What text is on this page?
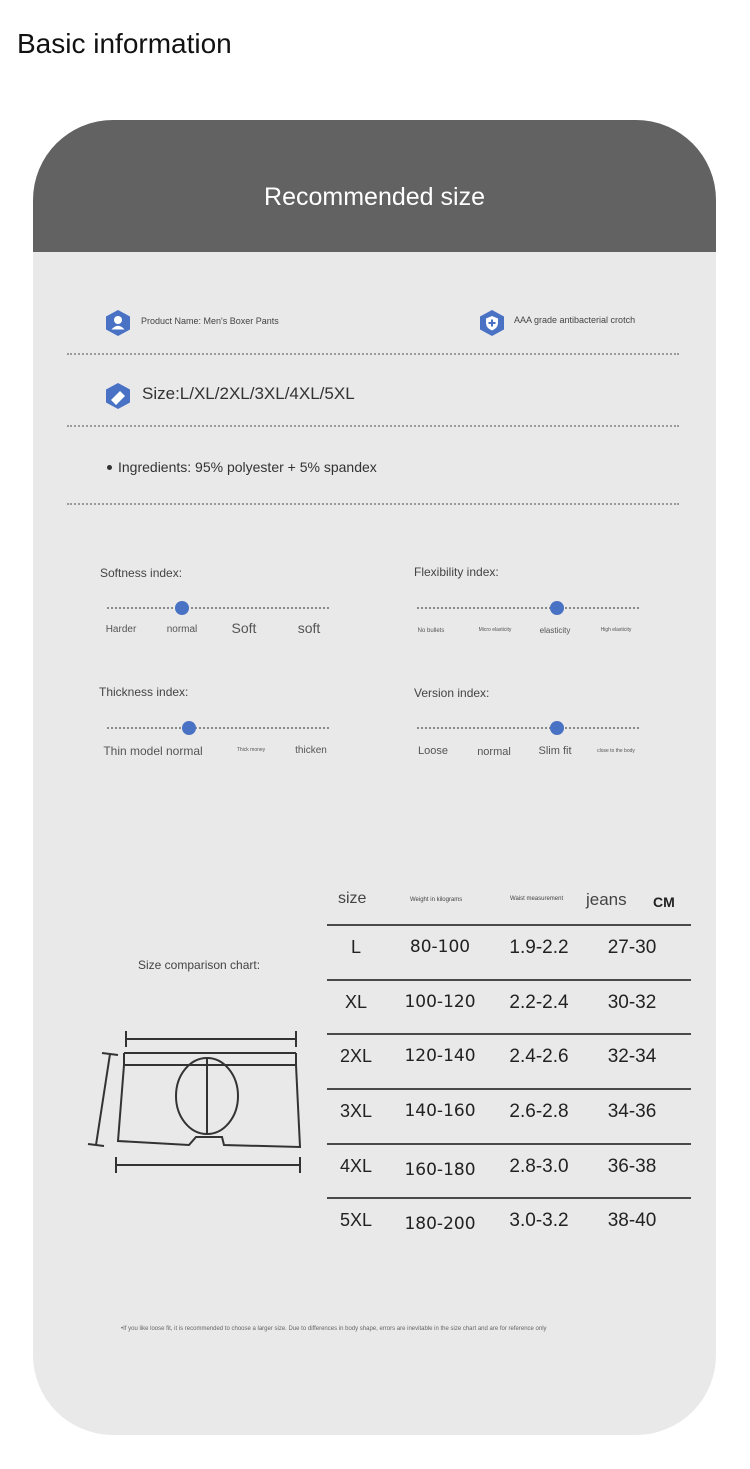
Basic information
Recommended size
Product Name: Men's Boxer Pants	AAA grade antibacterial crotch
Size:L/XL/2XL/3XL/4XL/5XL
Ingredients: 95% polyester + 5% spandex
Softness index:
Harder	normal Soft	soft
Flexibility index:
No bullets	Micro elasticity	elasticity	High elasticity
Thickness index:
Thin model normal	Thick money	thicken
Version index:
Loose	normal	Slim fit	close to the body
Size comparison chart:
size	Weight in kilograms	Waist measurement jeans CM
L	80-100 1.9-2.2 27-30
XL 100-120 2.2-2.4 30-32
2XL 120-140 2.4-2.6 32-34
3XL 140-160 2.6-2.8 34-36
4XL 160-180 2.8-3.0 36-38
5XL 180-200 3.0-3.2 38-40
•If you like loose fit, it is recommended to choose a larger size. Due to differences in body shape, errors are inevitable in the size chart and are for reference only
